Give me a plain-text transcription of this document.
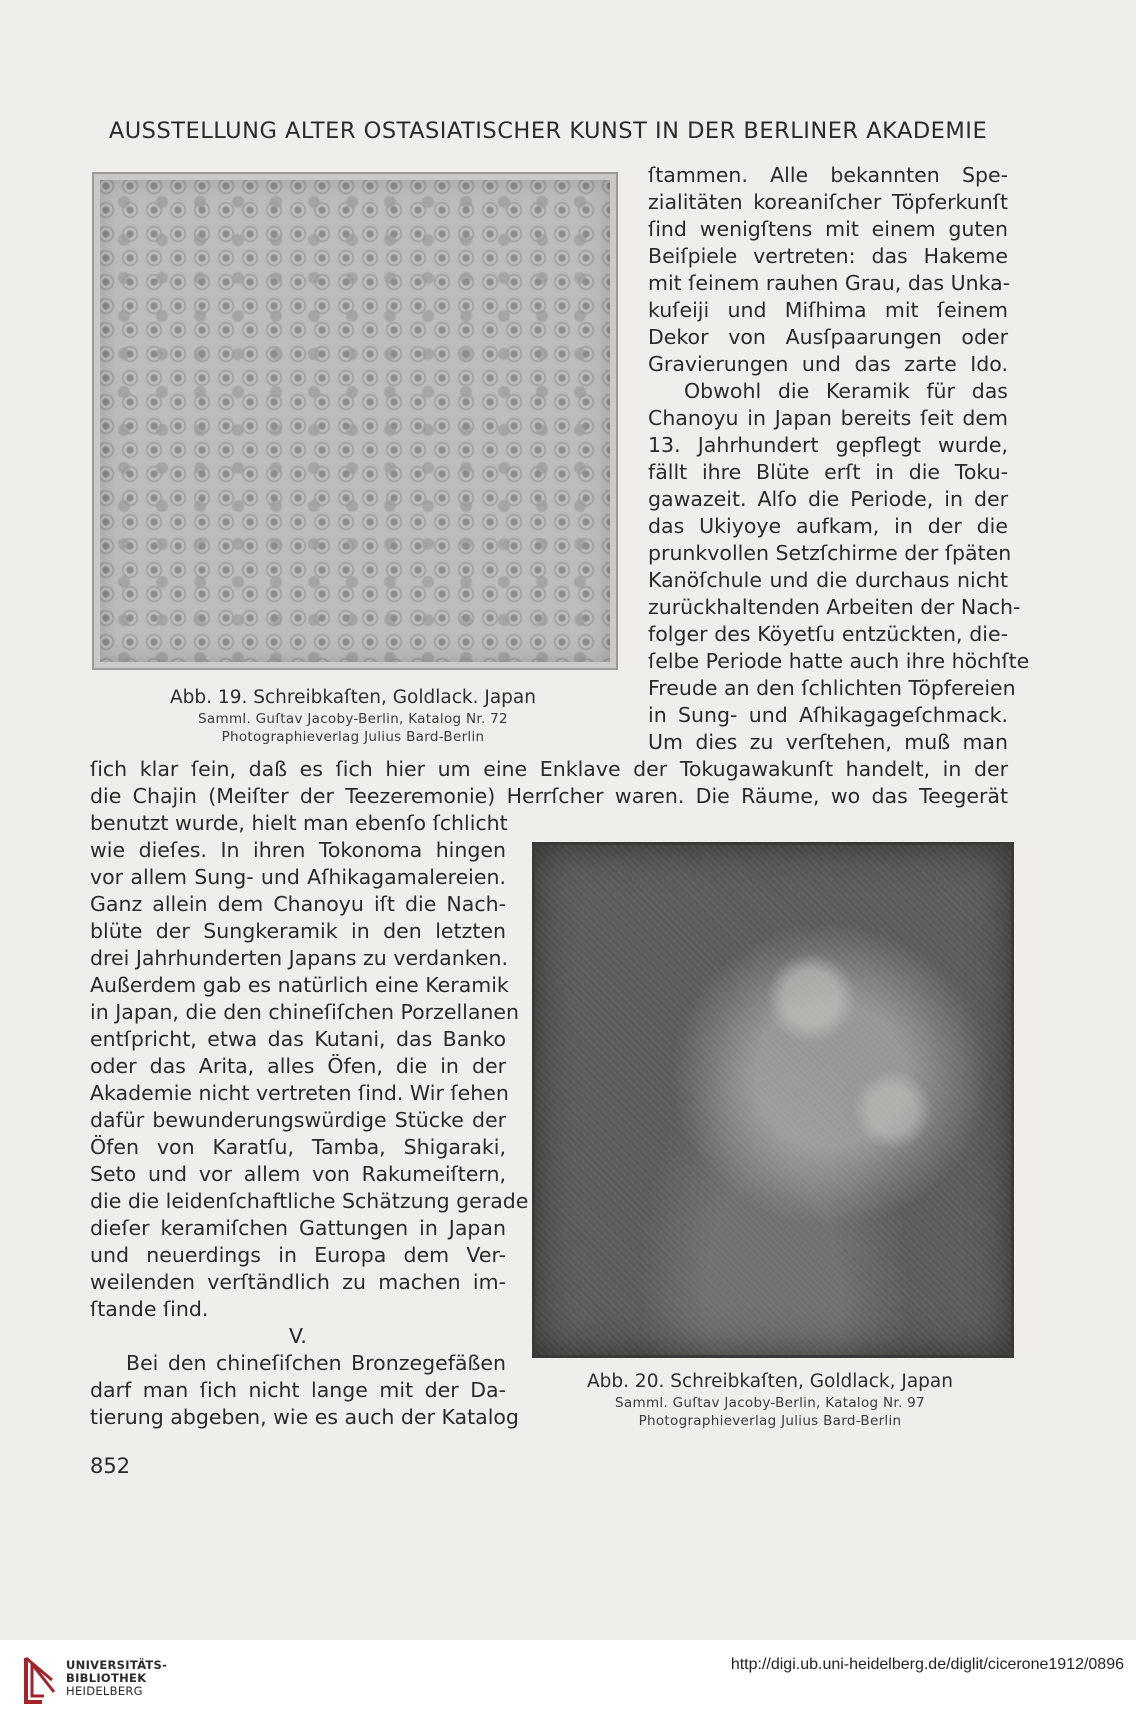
AUSSTELLUNG ALTER OSTASIATISCHER KUNST IN DER BERLINER AKADEMIE
Abb. 19. Schreibkaſten, Goldlack. Japan
Samml. Guſtav Jacoby-Berlin, Katalog Nr. 72
Photographieverlag Julius Bard-Berlin
ſtammen. Alle bekannten Spe-
zialitäten koreaniſcher Töpferkunſt
ſind wenigſtens mit einem guten
Beiſpiele vertreten: das Hakeme
mit ſeinem rauhen Grau, das Unka-
kuſeiji und Miſhima mit ſeinem
Dekor von Ausſpaarungen oder
Gravierungen und das zarte Ido.
Obwohl die Keramik für das
Chanoyu in Japan bereits ſeit dem
13. Jahrhundert gepflegt wurde,
fällt ihre Blüte erſt in die Toku-
gawazeit. Alſo die Periode, in der
das Ukiyoye aufkam, in der die
prunkvollen Setzſchirme der ſpäten
Kanöſchule und die durchaus nicht
zurückhaltenden Arbeiten der Nach-
folger des Köyetſu entzückten, die-
ſelbe Periode hatte auch ihre höchſte
Freude an den ſchlichten Töpfereien
in Sung- und Aſhikagageſchmack.
Um dies zu verſtehen, muß man
ſich klar ſein, daß es ſich hier um eine Enklave der Tokugawakunſt handelt, in der
die Chajin (Meiſter der Teezeremonie) Herrſcher waren. Die Räume, wo das Teegerät
benutzt wurde, hielt man ebenſo ſchlicht
wie dieſes. In ihren Tokonoma hingen
vor allem Sung- und Aſhikagamalereien.
Ganz allein dem Chanoyu iſt die Nach-
blüte der Sungkeramik in den letzten
drei Jahrhunderten Japans zu verdanken.
Außerdem gab es natürlich eine Keramik
in Japan, die den chineſiſchen Porzellanen
entſpricht, etwa das Kutani, das Banko
oder das Arita, alles Öfen, die in der
Akademie nicht vertreten ſind. Wir ſehen
dafür bewunderungswürdige Stücke der
Öfen von Karatſu, Tamba, Shigaraki,
Seto und vor allem von Rakumeiſtern,
die die leidenſchaftliche Schätzung gerade
dieſer keramiſchen Gattungen in Japan
und neuerdings in Europa dem Ver-
weilenden verſtändlich zu machen im-
ſtande ſind.
V.
Bei den chineſiſchen Bronzegefäßen
darf man ſich nicht lange mit der Da-
tierung abgeben, wie es auch der Katalog
Abb. 20. Schreibkaſten, Goldlack, Japan
Samml. Guſtav Jacoby-Berlin, Katalog Nr. 97
Photographieverlag Julius Bard-Berlin
852
UNIVERSITÄTS-
BIBLIOTHEK
HEIDELBERG
http://digi.ub.uni-heidelberg.de/diglit/cicerone1912/0896
